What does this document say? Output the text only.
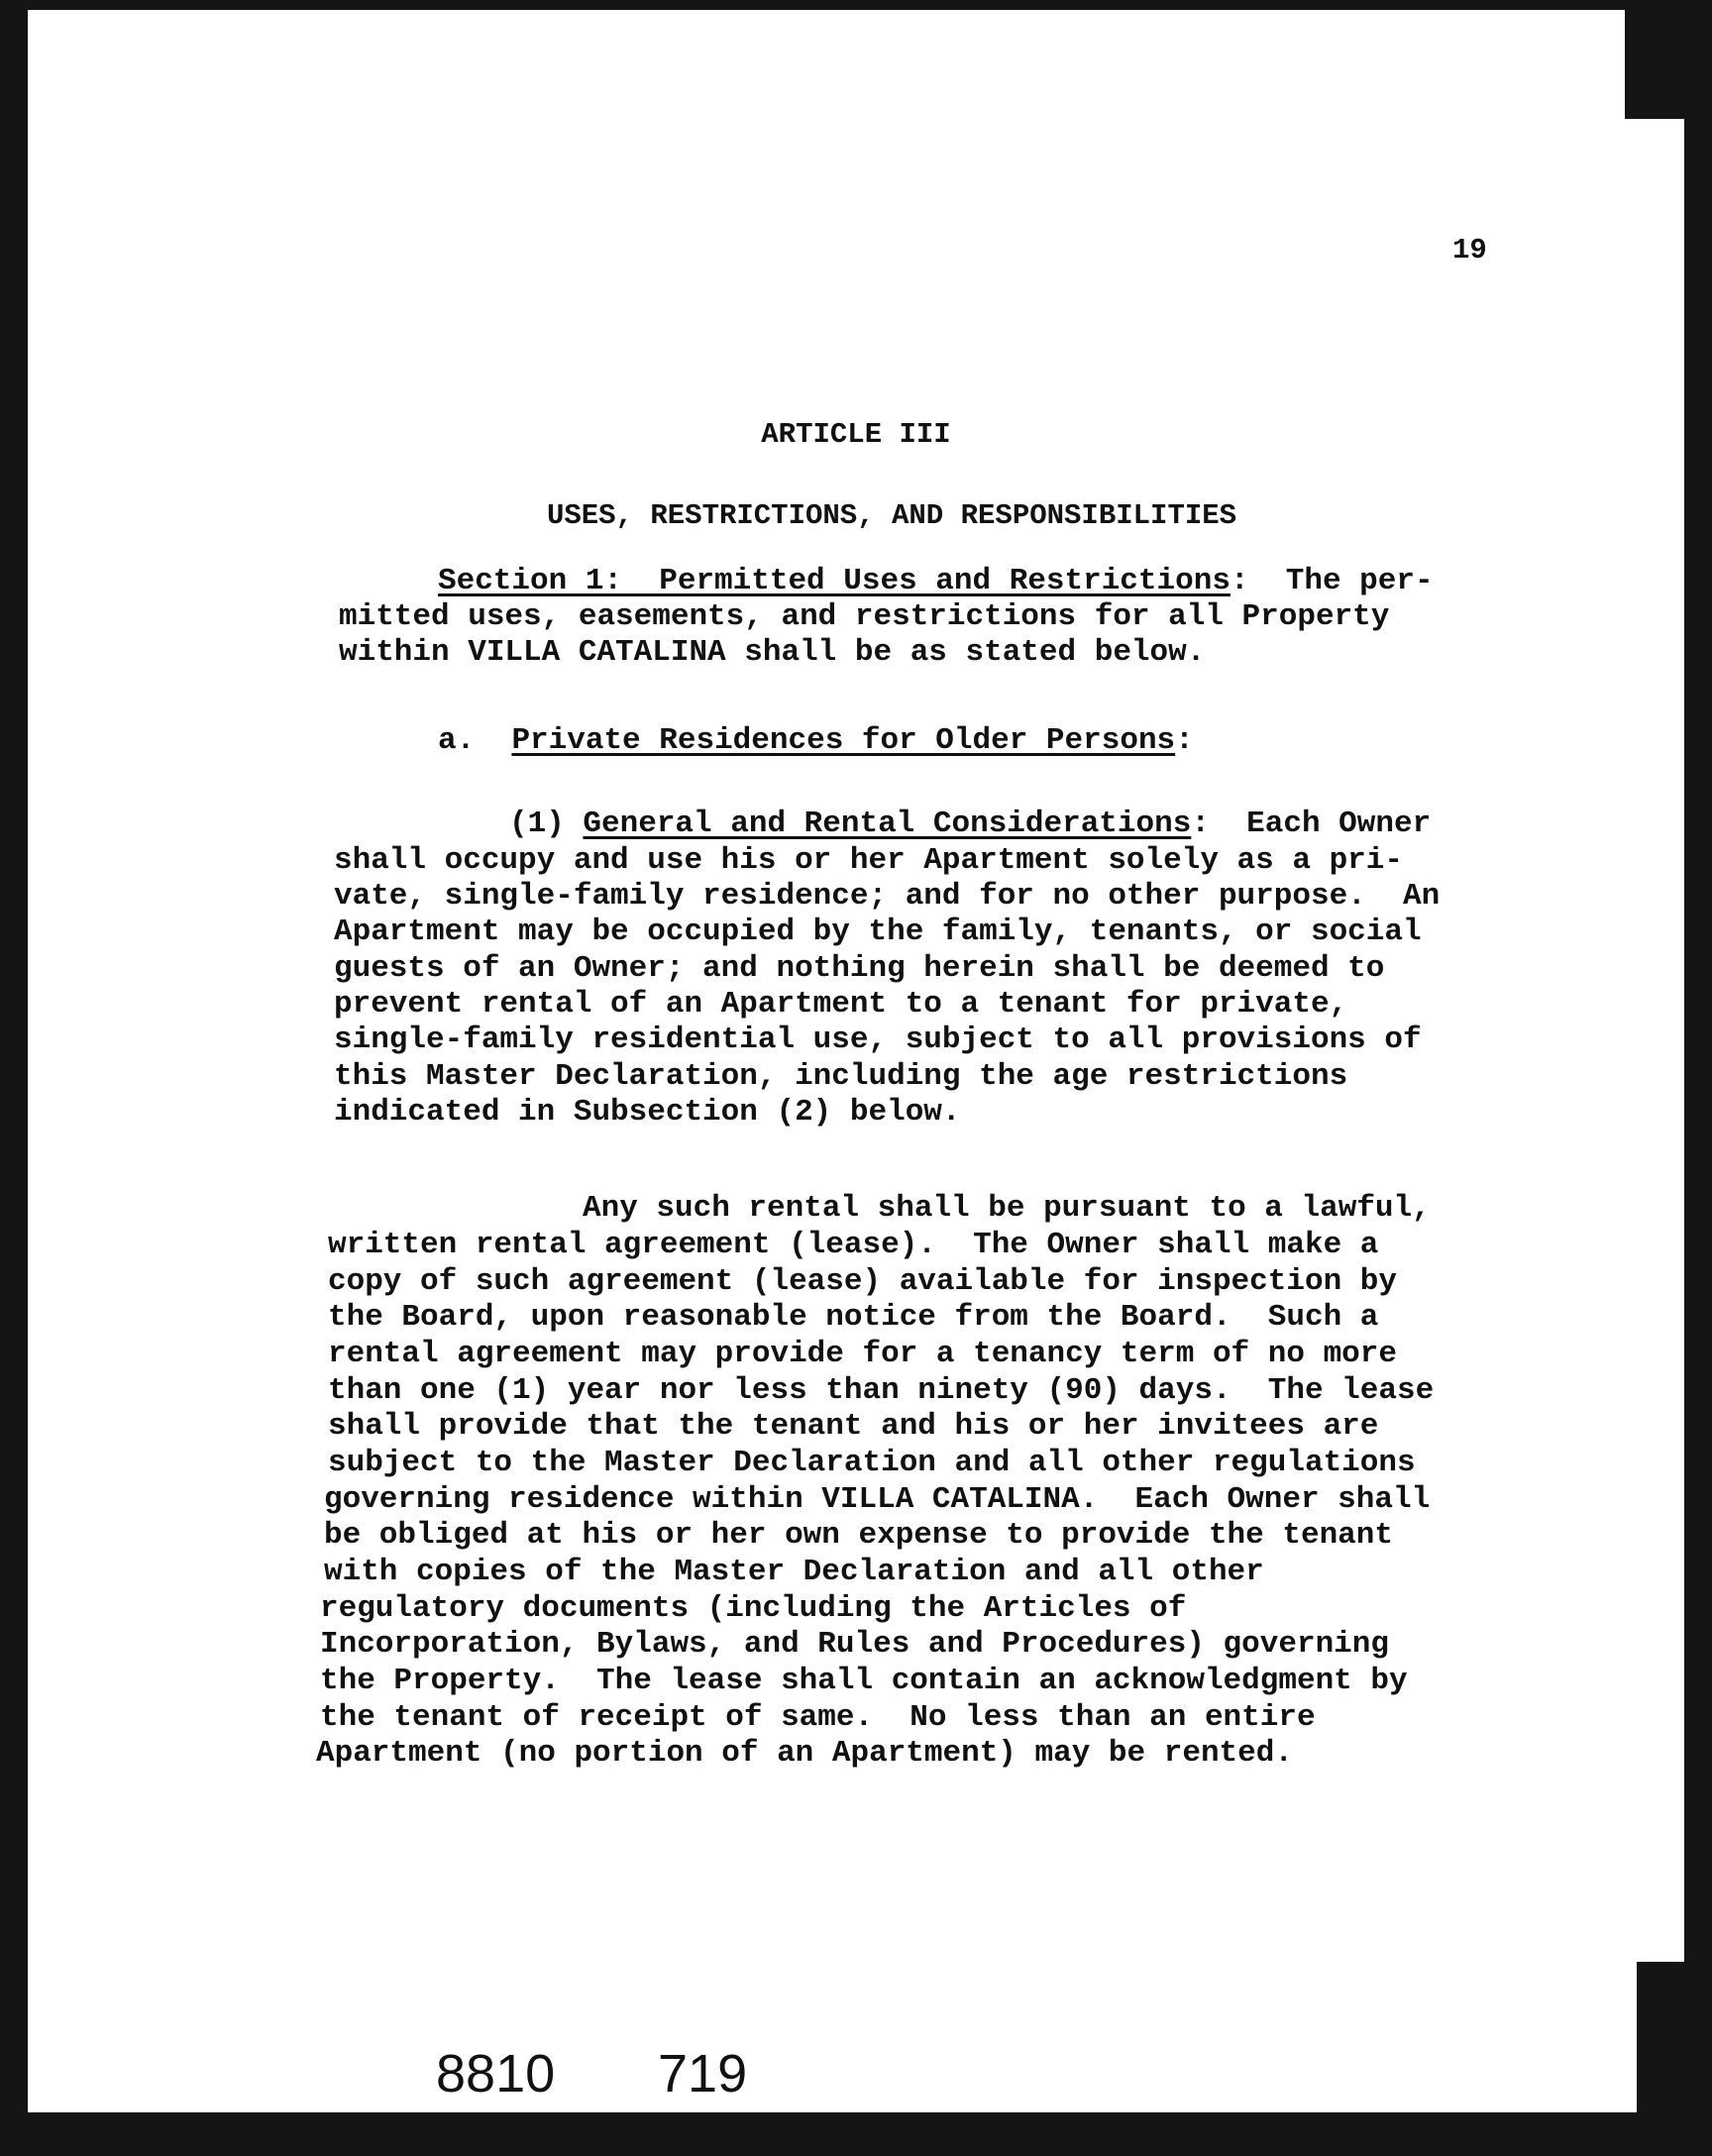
19
ARTICLE III
USES, RESTRICTIONS, AND RESPONSIBILITIES
Section 1:  Permitted Uses and Restrictions:  The per-
mitted uses, easements, and restrictions for all Property
within VILLA CATALINA shall be as stated below.
a. Private Residences for Older Persons:
(1) General and Rental Considerations:  Each Owner
shall occupy and use his or her Apartment solely as a pri-
vate, single-family residence; and for no other purpose.  An
Apartment may be occupied by the family, tenants, or social
guests of an Owner; and nothing herein shall be deemed to
prevent rental of an Apartment to a tenant for private,
single-family residential use, subject to all provisions of
this Master Declaration, including the age restrictions
indicated in Subsection (2) below.
Any such rental shall be pursuant to a lawful,
written rental agreement (lease).  The Owner shall make a
copy of such agreement (lease) available for inspection by
the Board, upon reasonable notice from the Board.  Such a
rental agreement may provide for a tenancy term of no more
than one (1) year nor less than ninety (90) days.  The lease
shall provide that the tenant and his or her invitees are
subject to the Master Declaration and all other regulations
governing residence within VILLA CATALINA.  Each Owner shall
be obliged at his or her own expense to provide the tenant
with copies of the Master Declaration and all other
regulatory documents (including the Articles of
Incorporation, Bylaws, and Rules and Procedures) governing
the Property.  The lease shall contain an acknowledgment by
the tenant of receipt of same.  No less than an entire
Apartment (no portion of an Apartment) may be rented.
8810 719
